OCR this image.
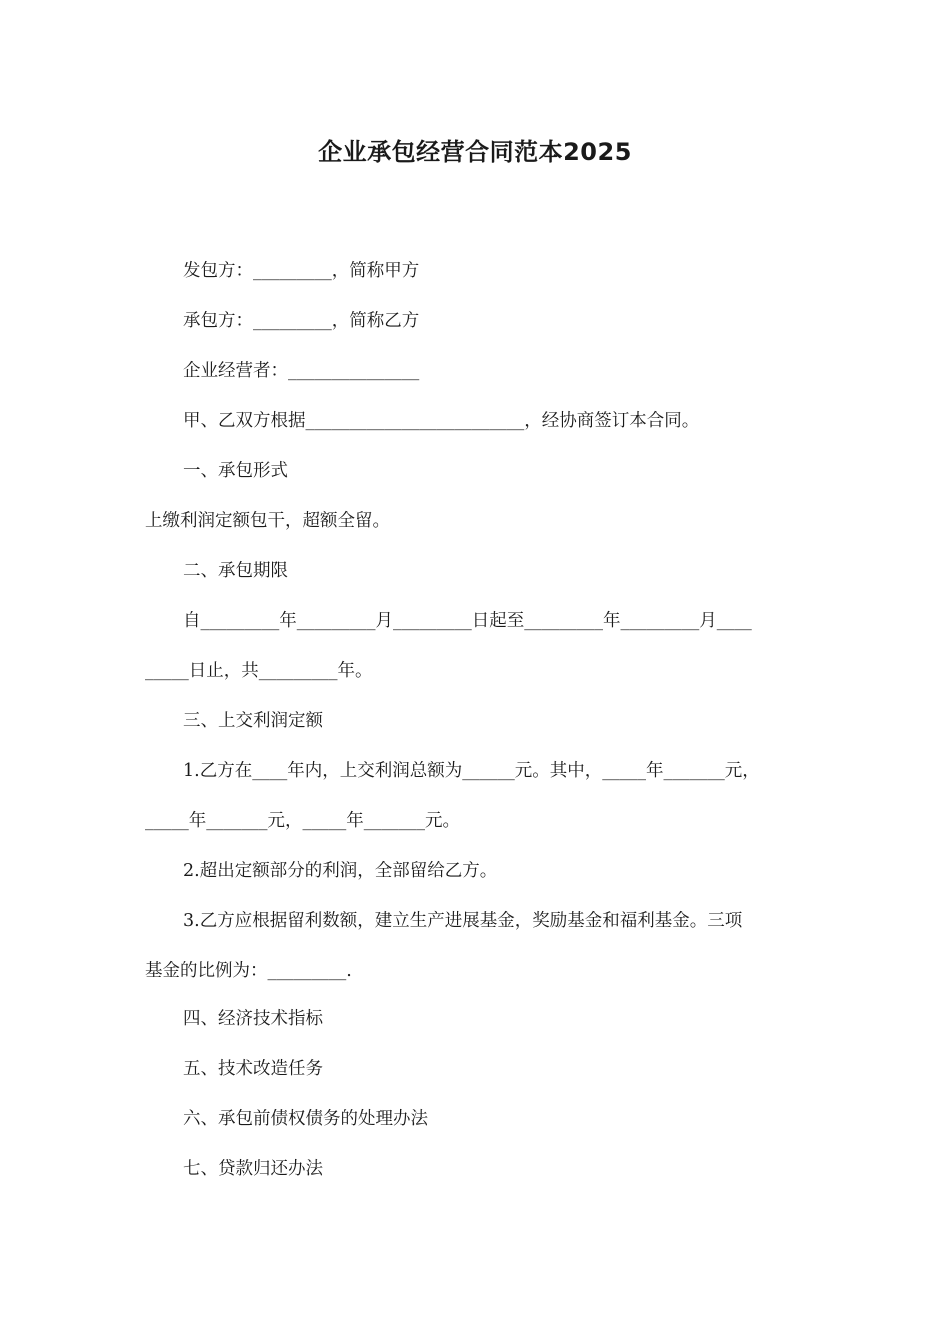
企业承包经营合同范本2025

发包方：_________，简称甲方

承包方：_________，简称乙方

企业经营者：_______________

甲、乙双方根据_________________________，经协商签订本合同。

一、承包形式

上缴利润定额包干，超额全留。

二、承包期限

自_________年_________月_________日起至_________年_________月____

_____日止，共_________年。

三、上交利润定额

1.乙方在____年内，上交利润总额为______元。其中，_____年_______元，

_____年_______元，_____年_______元。

2.超出定额部分的利润，全部留给乙方。

3.乙方应根据留利数额，建立生产进展基金，奖励基金和福利基金。三项

基金的比例为：_________.

四、经济技术指标

五、技术改造任务

六、承包前债权债务的处理办法

七、贷款归还办法
